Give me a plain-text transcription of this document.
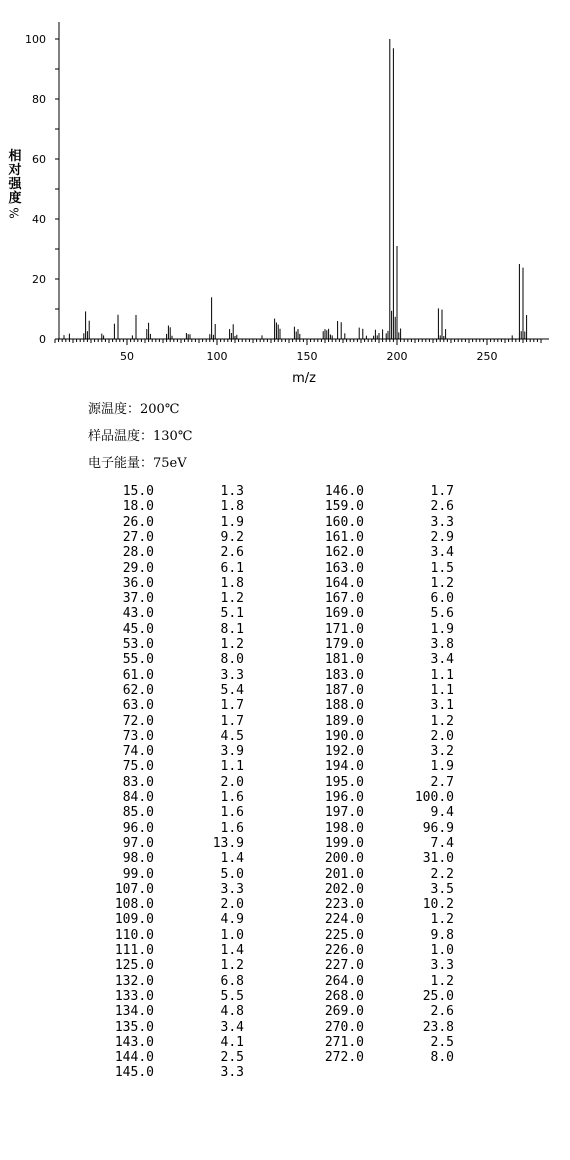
0
20
40
60
80
100
50	100	150	200	250
m/z
相
对
强
度
%
源温度：200℃
样品温度：130℃
电子能量：75eV
15.0	1.3
18.0	1.8
26.0	1.9
27.0	9.2
28.0	2.6
29.0	6.1
36.0	1.8
37.0	1.2
43.0	5.1
45.0	8.1
53.0	1.2
55.0	8.0
61.0	3.3
62.0	5.4
63.0	1.7
72.0	1.7
73.0	4.5
74.0	3.9
75.0	1.1
83.0	2.0
84.0	1.6
85.0	1.6
96.0	1.6
97.0	13.9
98.0	1.4
99.0	5.0
107.0	3.3
108.0	2.0
109.0	4.9
110.0	1.0
111.0	1.4
125.0	1.2
132.0	6.8
133.0	5.5
134.0	4.8
135.0	3.4
143.0	4.1
144.0	2.5
145.0	3.3
146.0	1.7
159.0	2.6
160.0	3.3
161.0	2.9
162.0	3.4
163.0	1.5
164.0	1.2
167.0	6.0
169.0	5.6
171.0	1.9
179.0	3.8
181.0	3.4
183.0	1.1
187.0	1.1
188.0	3.1
189.0	1.2
190.0	2.0
192.0	3.2
194.0	1.9
195.0	2.7
196.0	100.0
197.0	9.4
198.0	96.9
199.0	7.4
200.0	31.0
201.0	2.2
202.0	3.5
223.0	10.2
224.0	1.2
225.0	9.8
226.0	1.0
227.0	3.3
264.0	1.2
268.0	25.0
269.0	2.6
270.0	23.8
271.0	2.5
272.0	8.0
